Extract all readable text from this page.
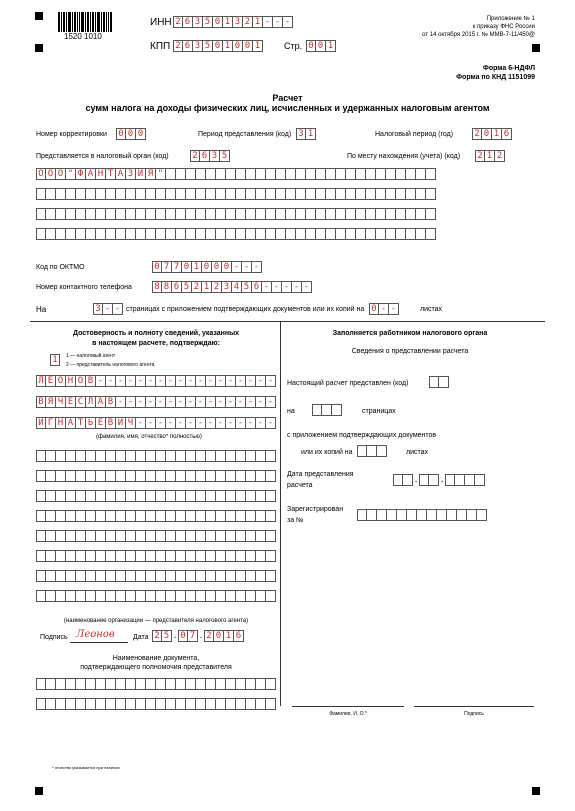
1520 1010
ИНН 2 6 3 5 0 1 3 2 1 - - -
КПП 2 6 3 5 0 1 0 0 1	Стр. 0 0 1
Приложение № 1
к приказу ФНС России
от 14 октября 2015 г. № ММВ-7-11/450@
Форма 6-НДФЛ
Форма по КНД 1151099
Расчет
сумм налога на доходы физических лиц, исчисленных и удержанных налоговым агентом
Номер корректировки 0 0 0	Период представления (код) 3 1	Налоговый период (год) 2 0 1 6
Представляется в налоговый орган (код)	2 6 3 5	По месту нахождения (учета) (код) 2 1 2
О О О " Ф А Н Т А З И Я "
Код по ОКТМО	0 7 7 0 1 0 0 0 - - -
Номер контактного телефона 8 8 6 5 2 1 2 3 4 5 6 - - - - -
На	3 - - страницах с приложением подтверждающих документов или их копий на 0 - -	листах
Достоверность и полноту сведений, указанных
в настоящем расчете, подтверждаю:
1	1 — налоговый агент
2 — представитель налогового агента
Л Е О Н О В - - - - - - - - - - - - - - - - - -
В Я Ч Е С Л А В - - - - - - - - - - - - - - - -
И Г Н А Т Ь Е В И Ч - - - - - - - - - - - - - -
(фамилия, имя, отчество* полностью)
(наименование организации — представителя налогового агента)
Подпись Леонов	Дата 2 5 . 0 7 . 2 0 1 6
Наименование документа,
подтверждающего полномочия представителя
Заполняется работником налогового органа
Сведения о представлении расчета
Настоящий расчет представлен (код)
на	страницах
с приложением подтверждающих документов
или их копий на	листах
Дата представления
расчета
. .
Зарегистрирован
за №
Фамилия, И. О.*	Подпись
* отчество указывается при наличии
